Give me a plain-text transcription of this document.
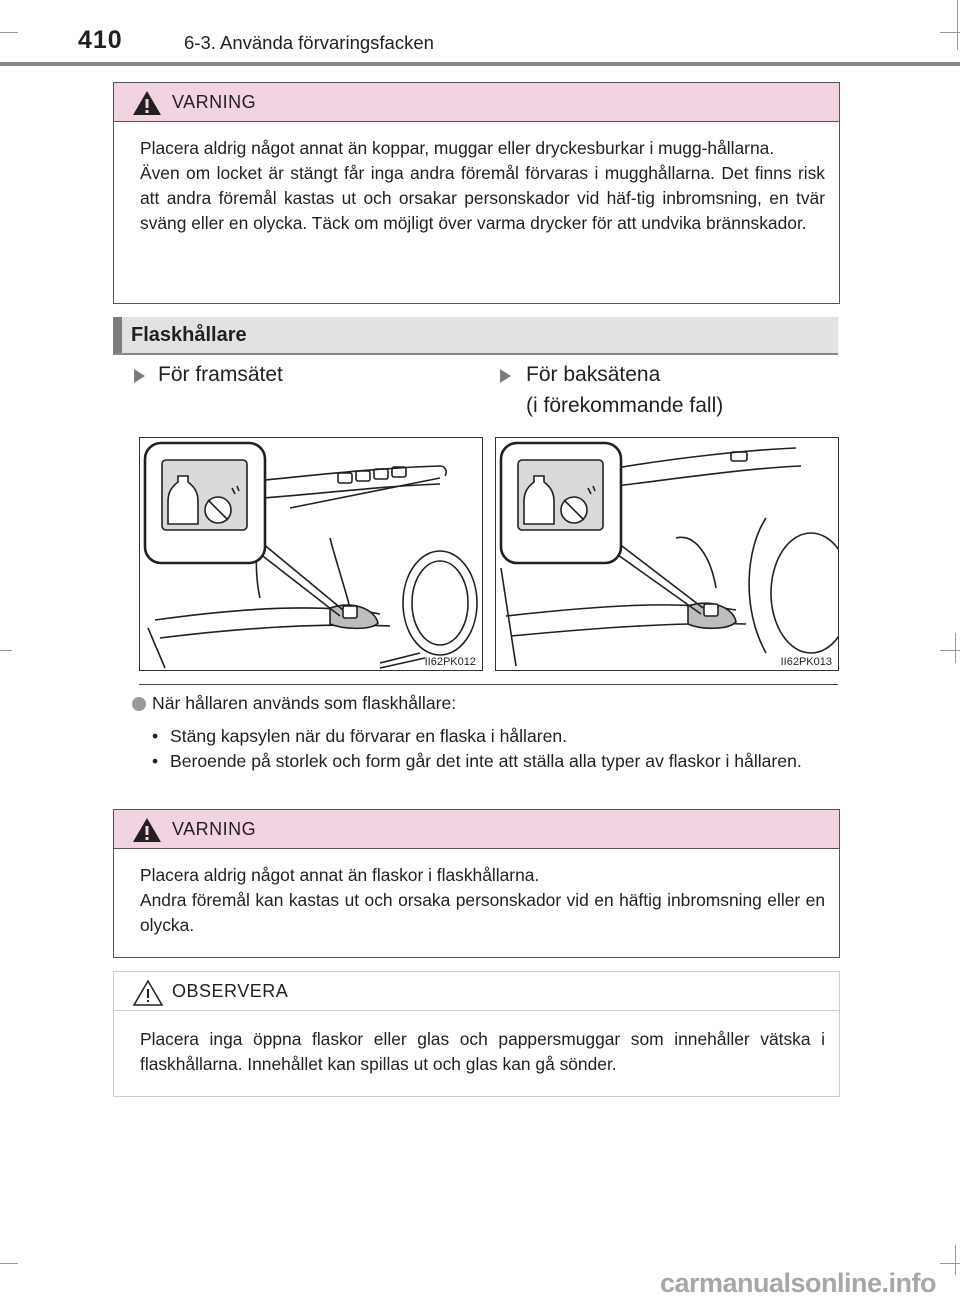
410	6-3. Använda förvaringsfacken
VARNING

Placera aldrig något annat än koppar, muggar eller dryckesburkar i mugg-hållarna.

Även om locket är stängt får inga andra föremål förvaras i mugghållarna. Det finns risk att andra föremål kastas ut och orsakar personskador vid häf-tig inbromsning, en tvär sväng eller en olycka. Täck om möjligt över varma drycker för att undvika brännskador.

Flaskhållare
För framsätet	För baksätena
(i förekommande fall)
II62PK012	II62PK013
När hållaren används som flaskhållare:
• Stäng kapsylen när du förvarar en flaska i hållaren.
• Beroende på storlek och form går det inte att ställa alla typer av flaskor i hållaren.
VARNING

Placera aldrig något annat än flaskor i flaskhållarna.

Andra föremål kan kastas ut och orsaka personskador vid en häftig inbromsning eller en olycka.

OBSERVERA

Placera inga öppna flaskor eller glas och pappersmuggar som innehåller vätska i flaskhållarna. Innehållet kan spillas ut och glas kan gå sönder.

carmanualsonline.info
